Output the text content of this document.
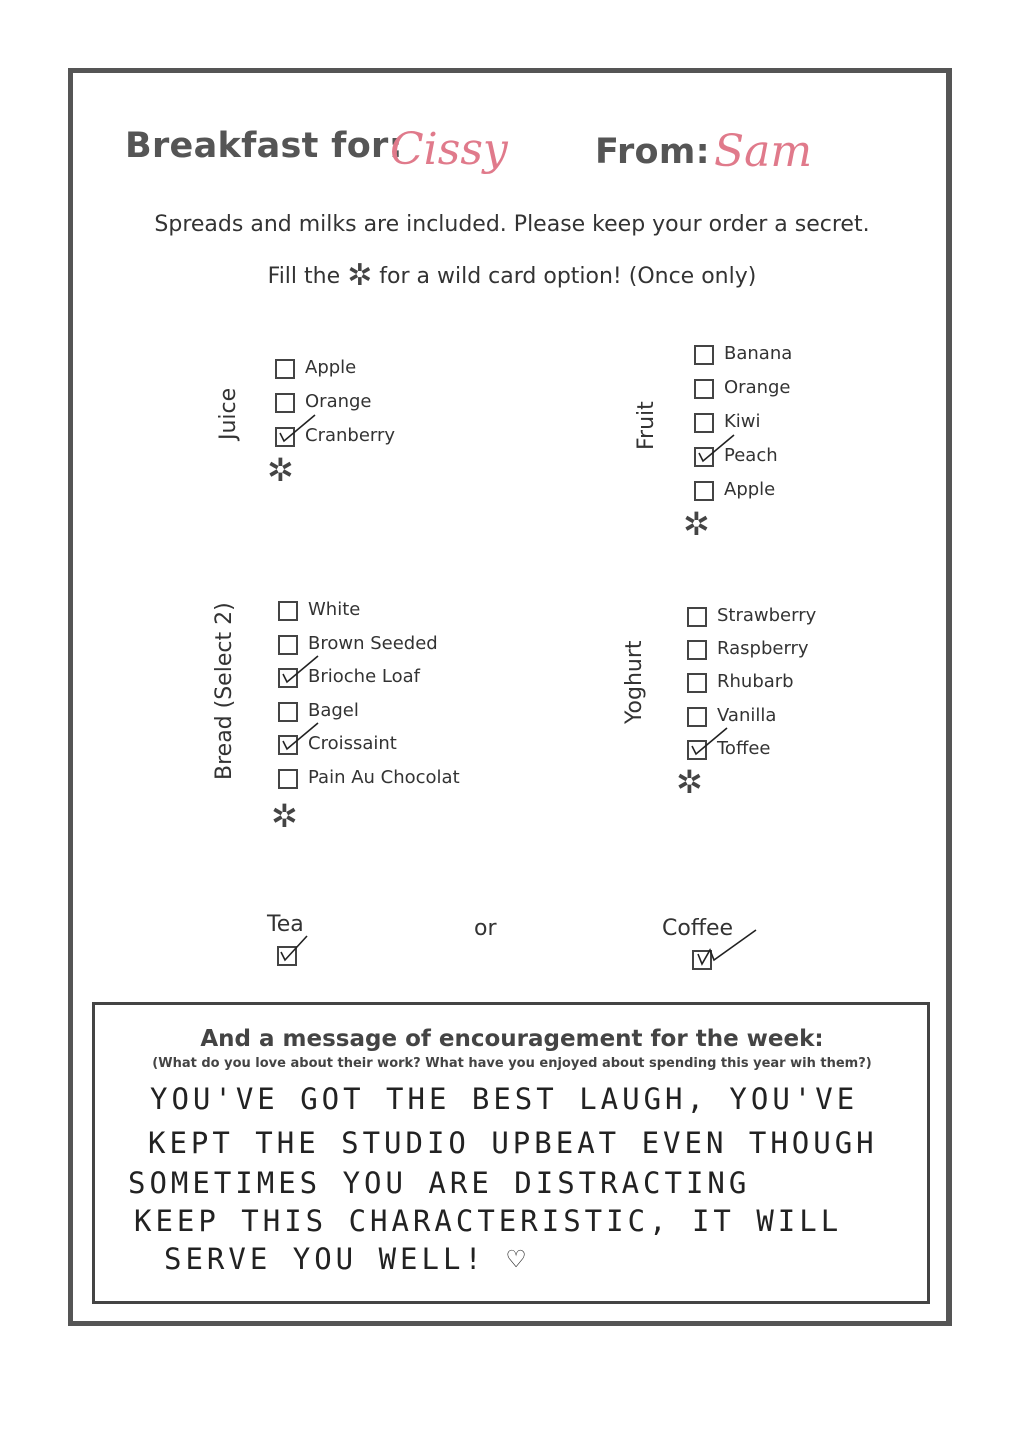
Breakfast for:
Cissy From: Sam
Spreads and milks are included. Please keep your order a secret.
Fill the ✲ for a wild card option! (Once only)
Juice	Fruit
Bread (Select 2)	Yoghurt
Apple
Orange
Cranberry
Banana
Orange
Kiwi
Peach
Apple
White
Brown Seeded
Brioche Loaf
Bagel
Croissaint
Pain Au Chocolat
Strawberry
Raspberry
Rhubarb
Vanilla
Toffee
✲
✲
✲
✲
Tea	or	Coffee
And a message of encouragement for the week:
(What do you love about their work? What have you enjoyed about spending this year wih them?)
YOU'VE GOT THE BEST LAUGH, YOU'VE
KEPT THE STUDIO UPBEAT EVEN THOUGH
SOMETIMES YOU ARE DISTRACTING
KEEP THIS CHARACTERISTIC, IT WILL
SERVE YOU WELL! ♡
